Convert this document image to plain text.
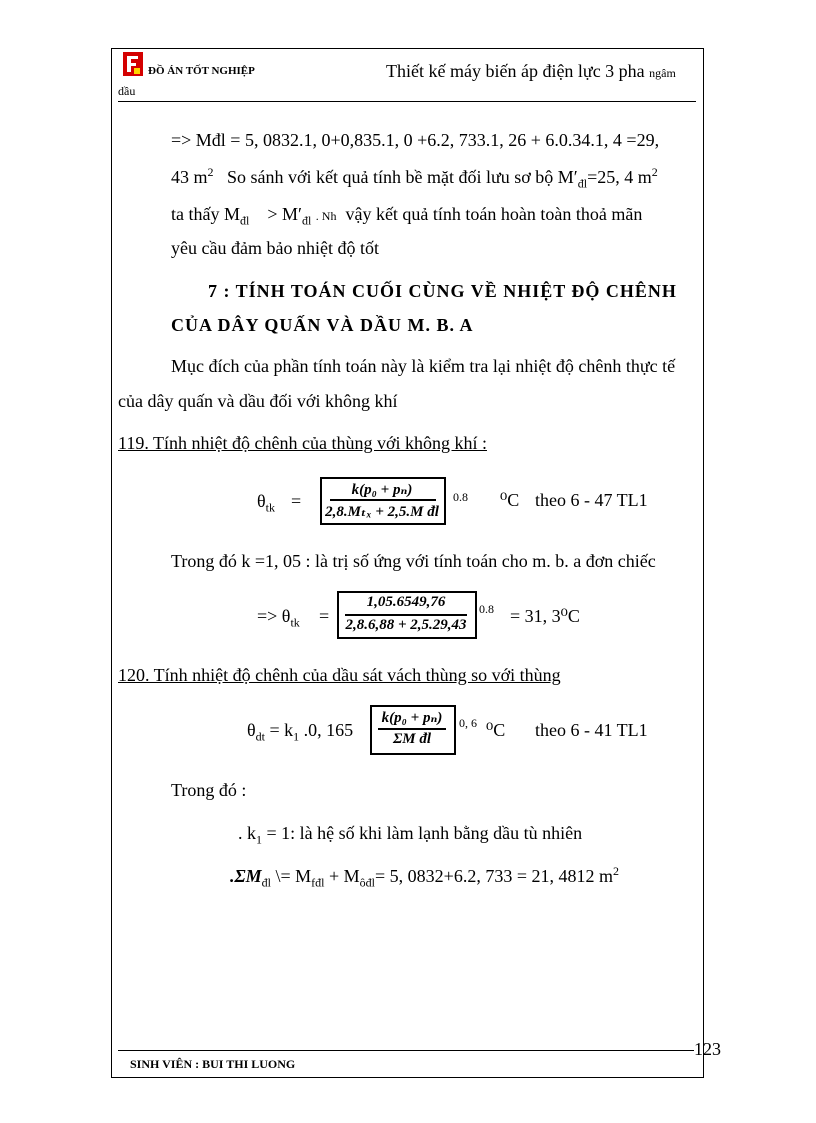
ĐỒ ÁN TỐT NGHIỆP	Thiết kế máy biến áp điện lực 3 pha ngâm
dầu
=> Mđl = 5, 0832.1, 0+0,835.1, 0 +6.2, 733.1, 26 + 6.0.34.1, 4 =29,
43 $m^2$ So sánh với kết quả tính bề mặt đối lưu sơ bộ $M'_{đl}=25$, 4 $m^2$
ta thấy $M_{đl} > M'_{đl}$ . Nh vậy kết quả tính toán hoàn toàn thoả mãn
yêu cầu đảm bảo nhiệt độ tốt
7 : TÍNH TOÁN CUỐI CÙNG VỀ NHIỆT ĐỘ CHÊNH
CỦA DÂY QUẤN VÀ DẦU M. B. A
Mục đích của phần tính toán này là kiểm tra lại nhiệt độ chênh thực tế
của dây quấn và dầu đối với không khí
119. Tính nhiệt độ chênh của thùng với không khí :
$\theta_{tk}$ =
k(p₀ + pₙ)
2,8.Mₜₓ + 2,5.M đl
0.8 ⁰C theo 6 - 47 TL1
Trong đó k =1, 05 : là trị số ứng với tính toán cho m. b. a đơn chiếc
=> $\theta_{tk}$ =
1,05.6549,76
2,8.6,88 + 2,5.29,43
0.8 = 31, 3⁰C
120. Tính nhiệt độ chênh của dầu sát vách thùng so với thùng
$\theta_{dt} = k_1$ .0, 165
k(p₀ + pₙ)
ΣM đl
0, 6 ⁰C theo 6 - 41 TL1
Trong đó :
. $k_1 = 1$: là hệ số khi làm lạnh bằng dầu tù nhiên
$.\Sigma M_{đl}$ \= $M_{fđl} + M_{ôđl}= 5$, 0832+6.2, 733 = 21, 4812 $m^2$
123
SINH VIÊN : BUI THI LUONG
